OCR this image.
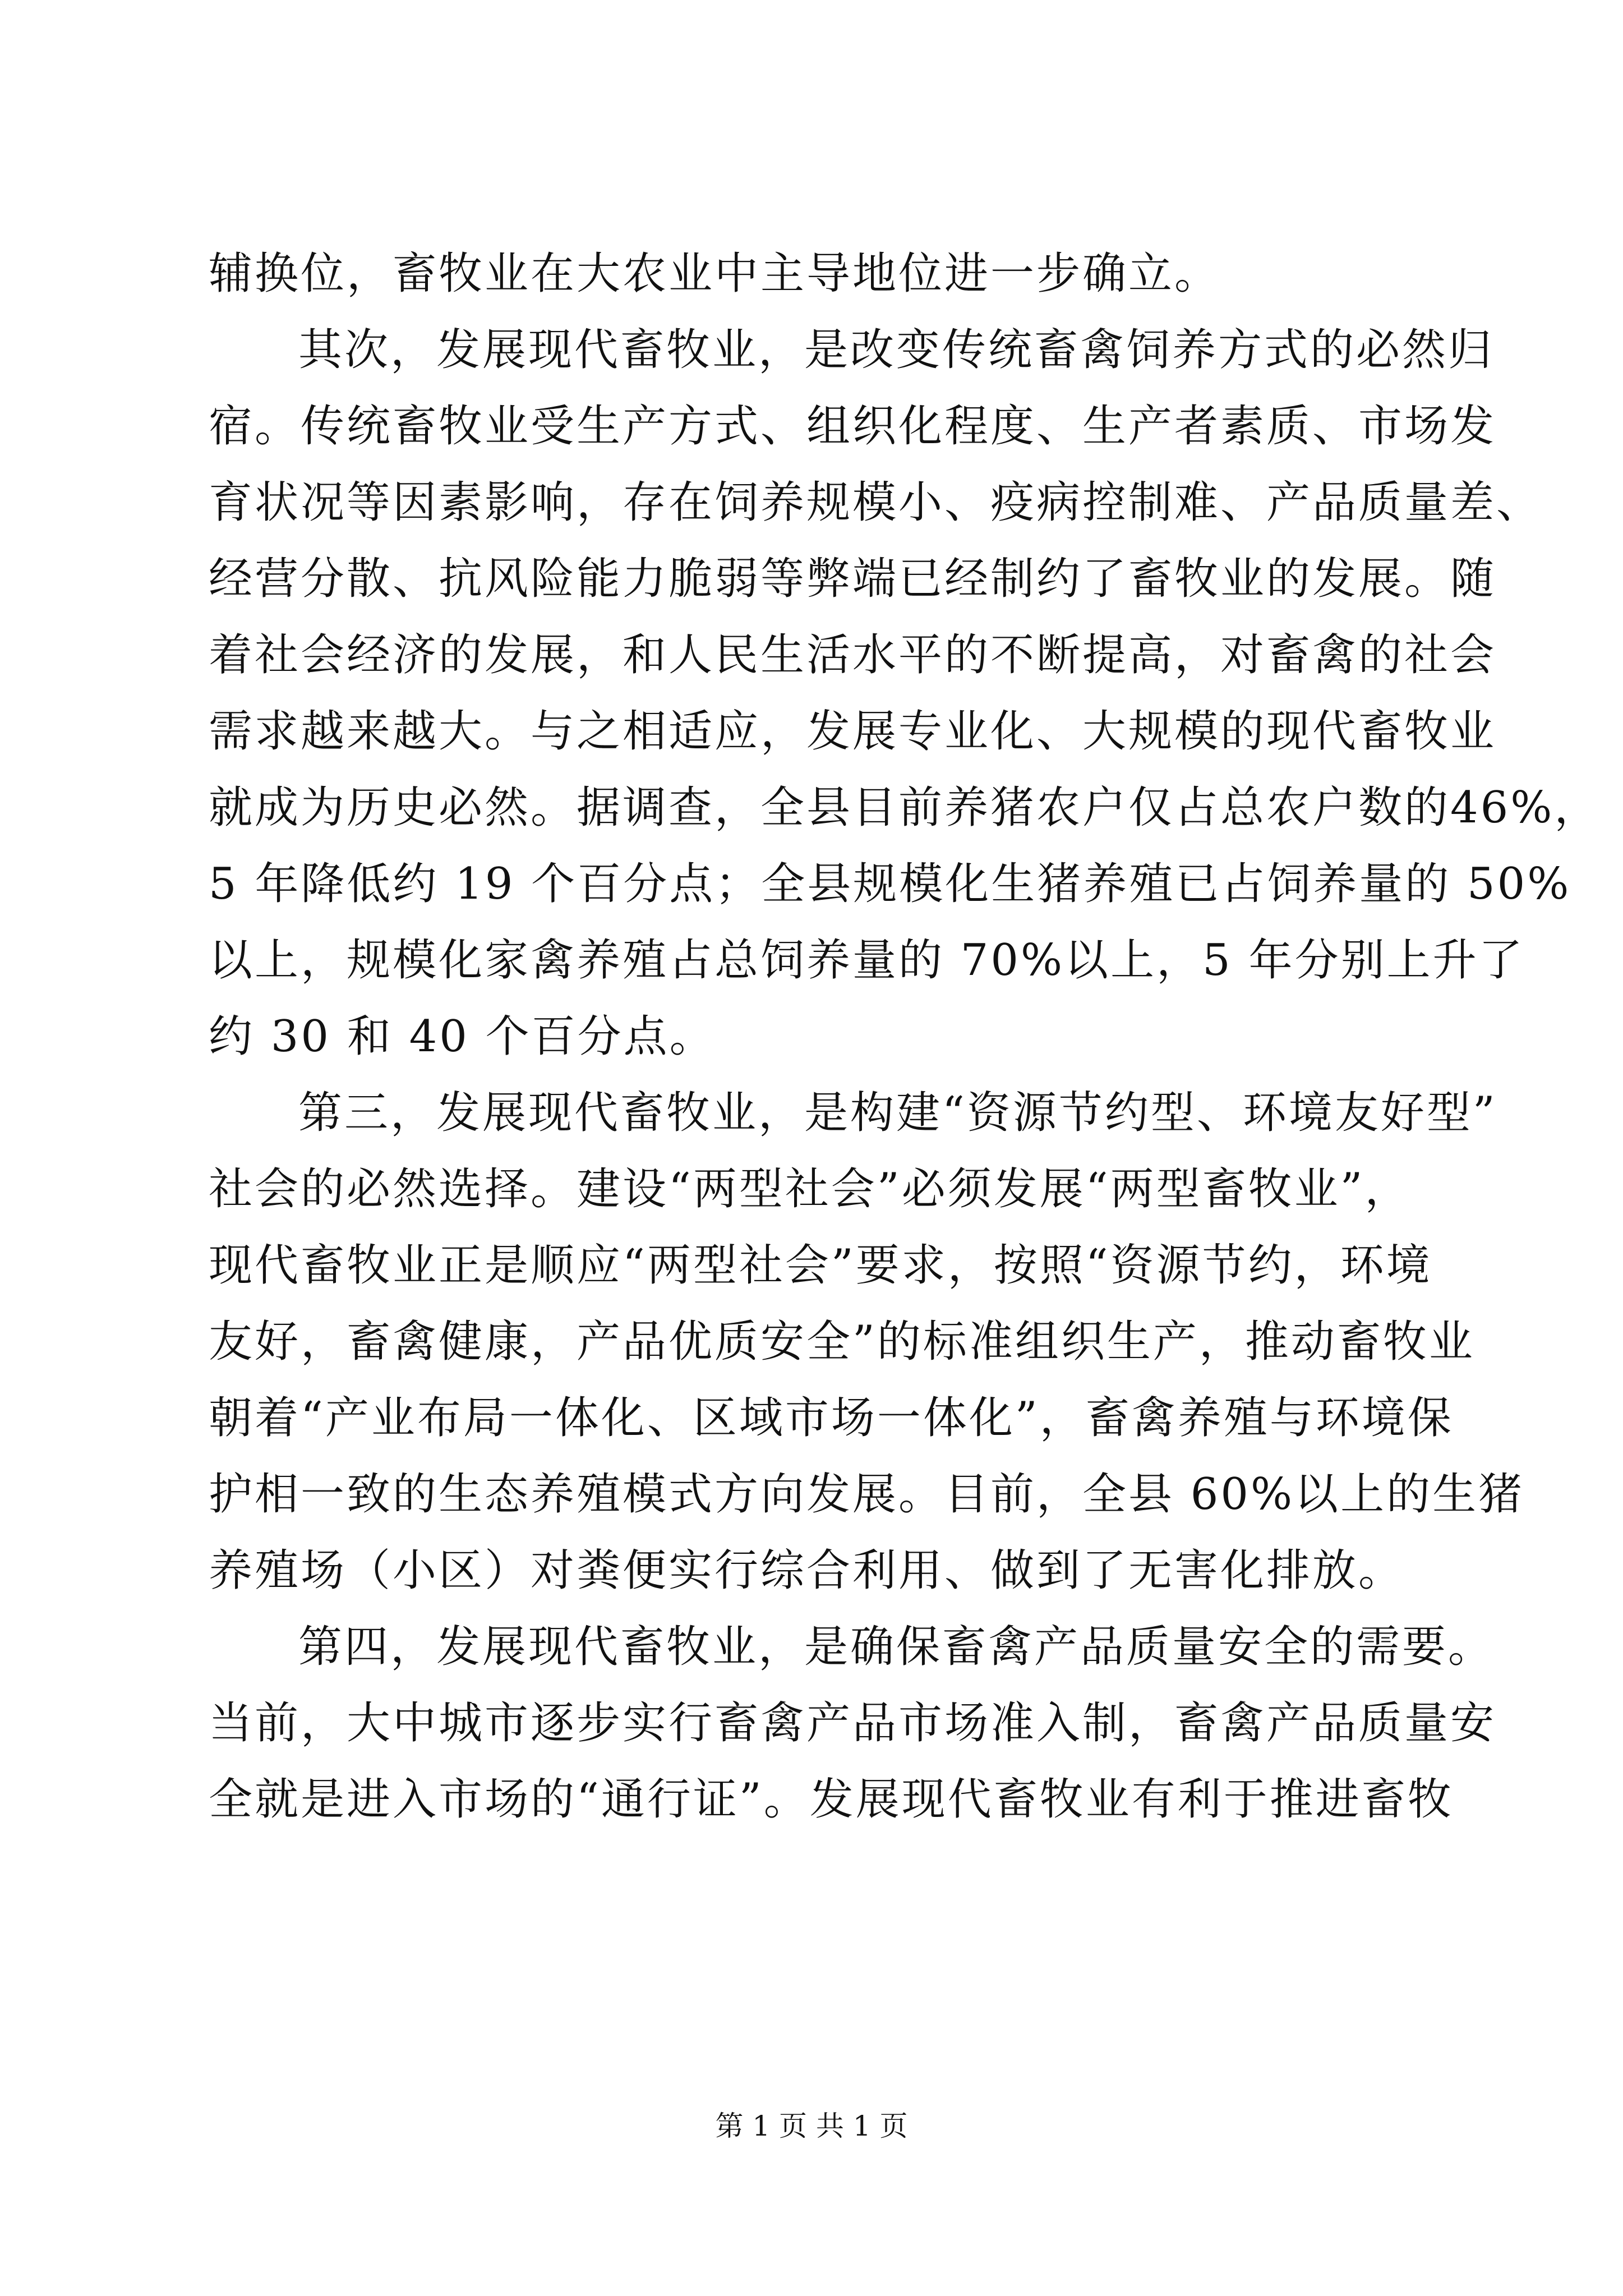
辅换位，畜牧业在大农业中主导地位进一步确立。
其次，发展现代畜牧业，是改变传统畜禽饲养方式的必然归
宿。传统畜牧业受生产方式、组织化程度、生产者素质、市场发
育状况等因素影响，存在饲养规模小、疫病控制难、产品质量差、
经营分散、抗风险能力脆弱等弊端已经制约了畜牧业的发展。随
着社会经济的发展，和人民生活水平的不断提高，对畜禽的社会
需求越来越大。与之相适应，发展专业化、大规模的现代畜牧业
就成为历史必然。据调查，全县目前养猪农户仅占总农户数的46%，
5 年降低约 19 个百分点；全县规模化生猪养殖已占饲养量的 50%
以上，规模化家禽养殖占总饲养量的 70%以上，5 年分别上升了
约 30 和 40 个百分点。
第三，发展现代畜牧业，是构建“资源节约型、环境友好型”
社会的必然选择。建设“两型社会”必须发展“两型畜牧业”，
现代畜牧业正是顺应“两型社会”要求，按照“资源节约，环境
友好，畜禽健康，产品优质安全”的标准组织生产，推动畜牧业
朝着“产业布局一体化、区域市场一体化”，畜禽养殖与环境保
护相一致的生态养殖模式方向发展。目前，全县 60%以上的生猪
养殖场（小区）对粪便实行综合利用、做到了无害化排放。
第四，发展现代畜牧业，是确保畜禽产品质量安全的需要。
当前，大中城市逐步实行畜禽产品市场准入制，畜禽产品质量安
全就是进入市场的“通行证”。发展现代畜牧业有利于推进畜牧
第 1 页 共 1 页
